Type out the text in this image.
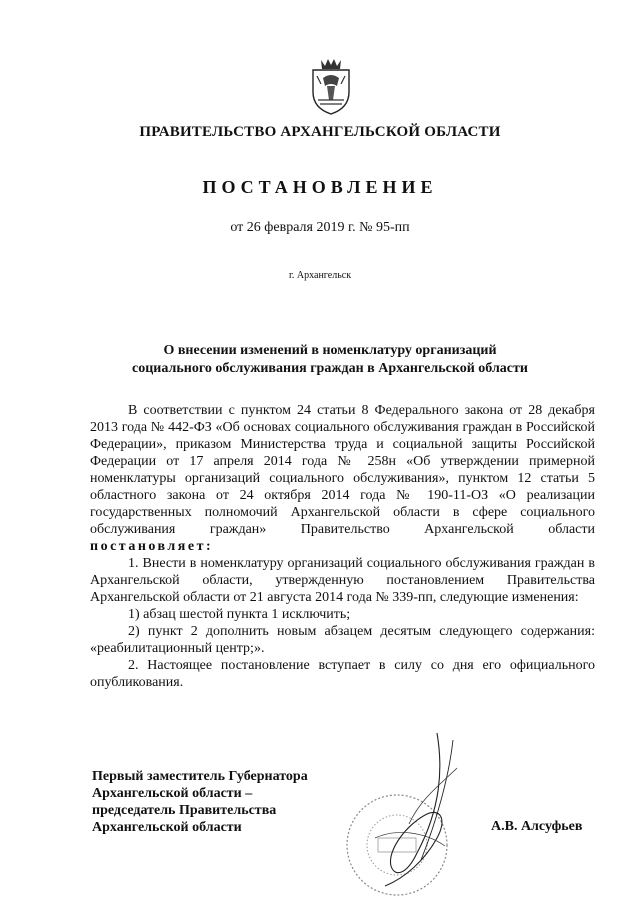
ПРАВИТЕЛЬСТВО АРХАНГЕЛЬСКОЙ ОБЛАСТИ
ПОСТАНОВЛЕНИЕ
от 26 февраля 2019 г. № 95-пп
г. Архангельск
О внесении изменений в номенклатуру организаций
социального обслуживания граждан в Архангельской области

В соответствии с пунктом 24 статьи 8 Федерального закона от 28 декабря 2013 года № 442-ФЗ «Об основах социального обслуживания граждан в Российской Федерации», приказом Министерства труда и социальной защиты Российской Федерации от 17 апреля 2014 года № 258н «Об утверждении примерной номенклатуры организаций социального обслуживания», пунктом 12 статьи 5 областного закона от 24 октября 2014 года № 190-11-ОЗ «О реализации государственных полномочий Архангельской области в сфере социального обслуживания граждан» Правительство Архангельской области постановляет:

1. Внести в номенклатуру организаций социального обслуживания граждан в Архангельской области, утвержденную постановлением Правительства Архангельской области от 21 августа 2014 года № 339-пп, следующие изменения:

1) абзац шестой пункта 1 исключить;

2) пункт 2 дополнить новым абзацем десятым следующего содержания: «реабилитационный центр;».

2. Настоящее постановление вступает в силу со дня его официального опубликования.

Первый заместитель Губернатора
Архангельской области –
председатель Правительства
Архангельской области	А.В. Алсуфьев
